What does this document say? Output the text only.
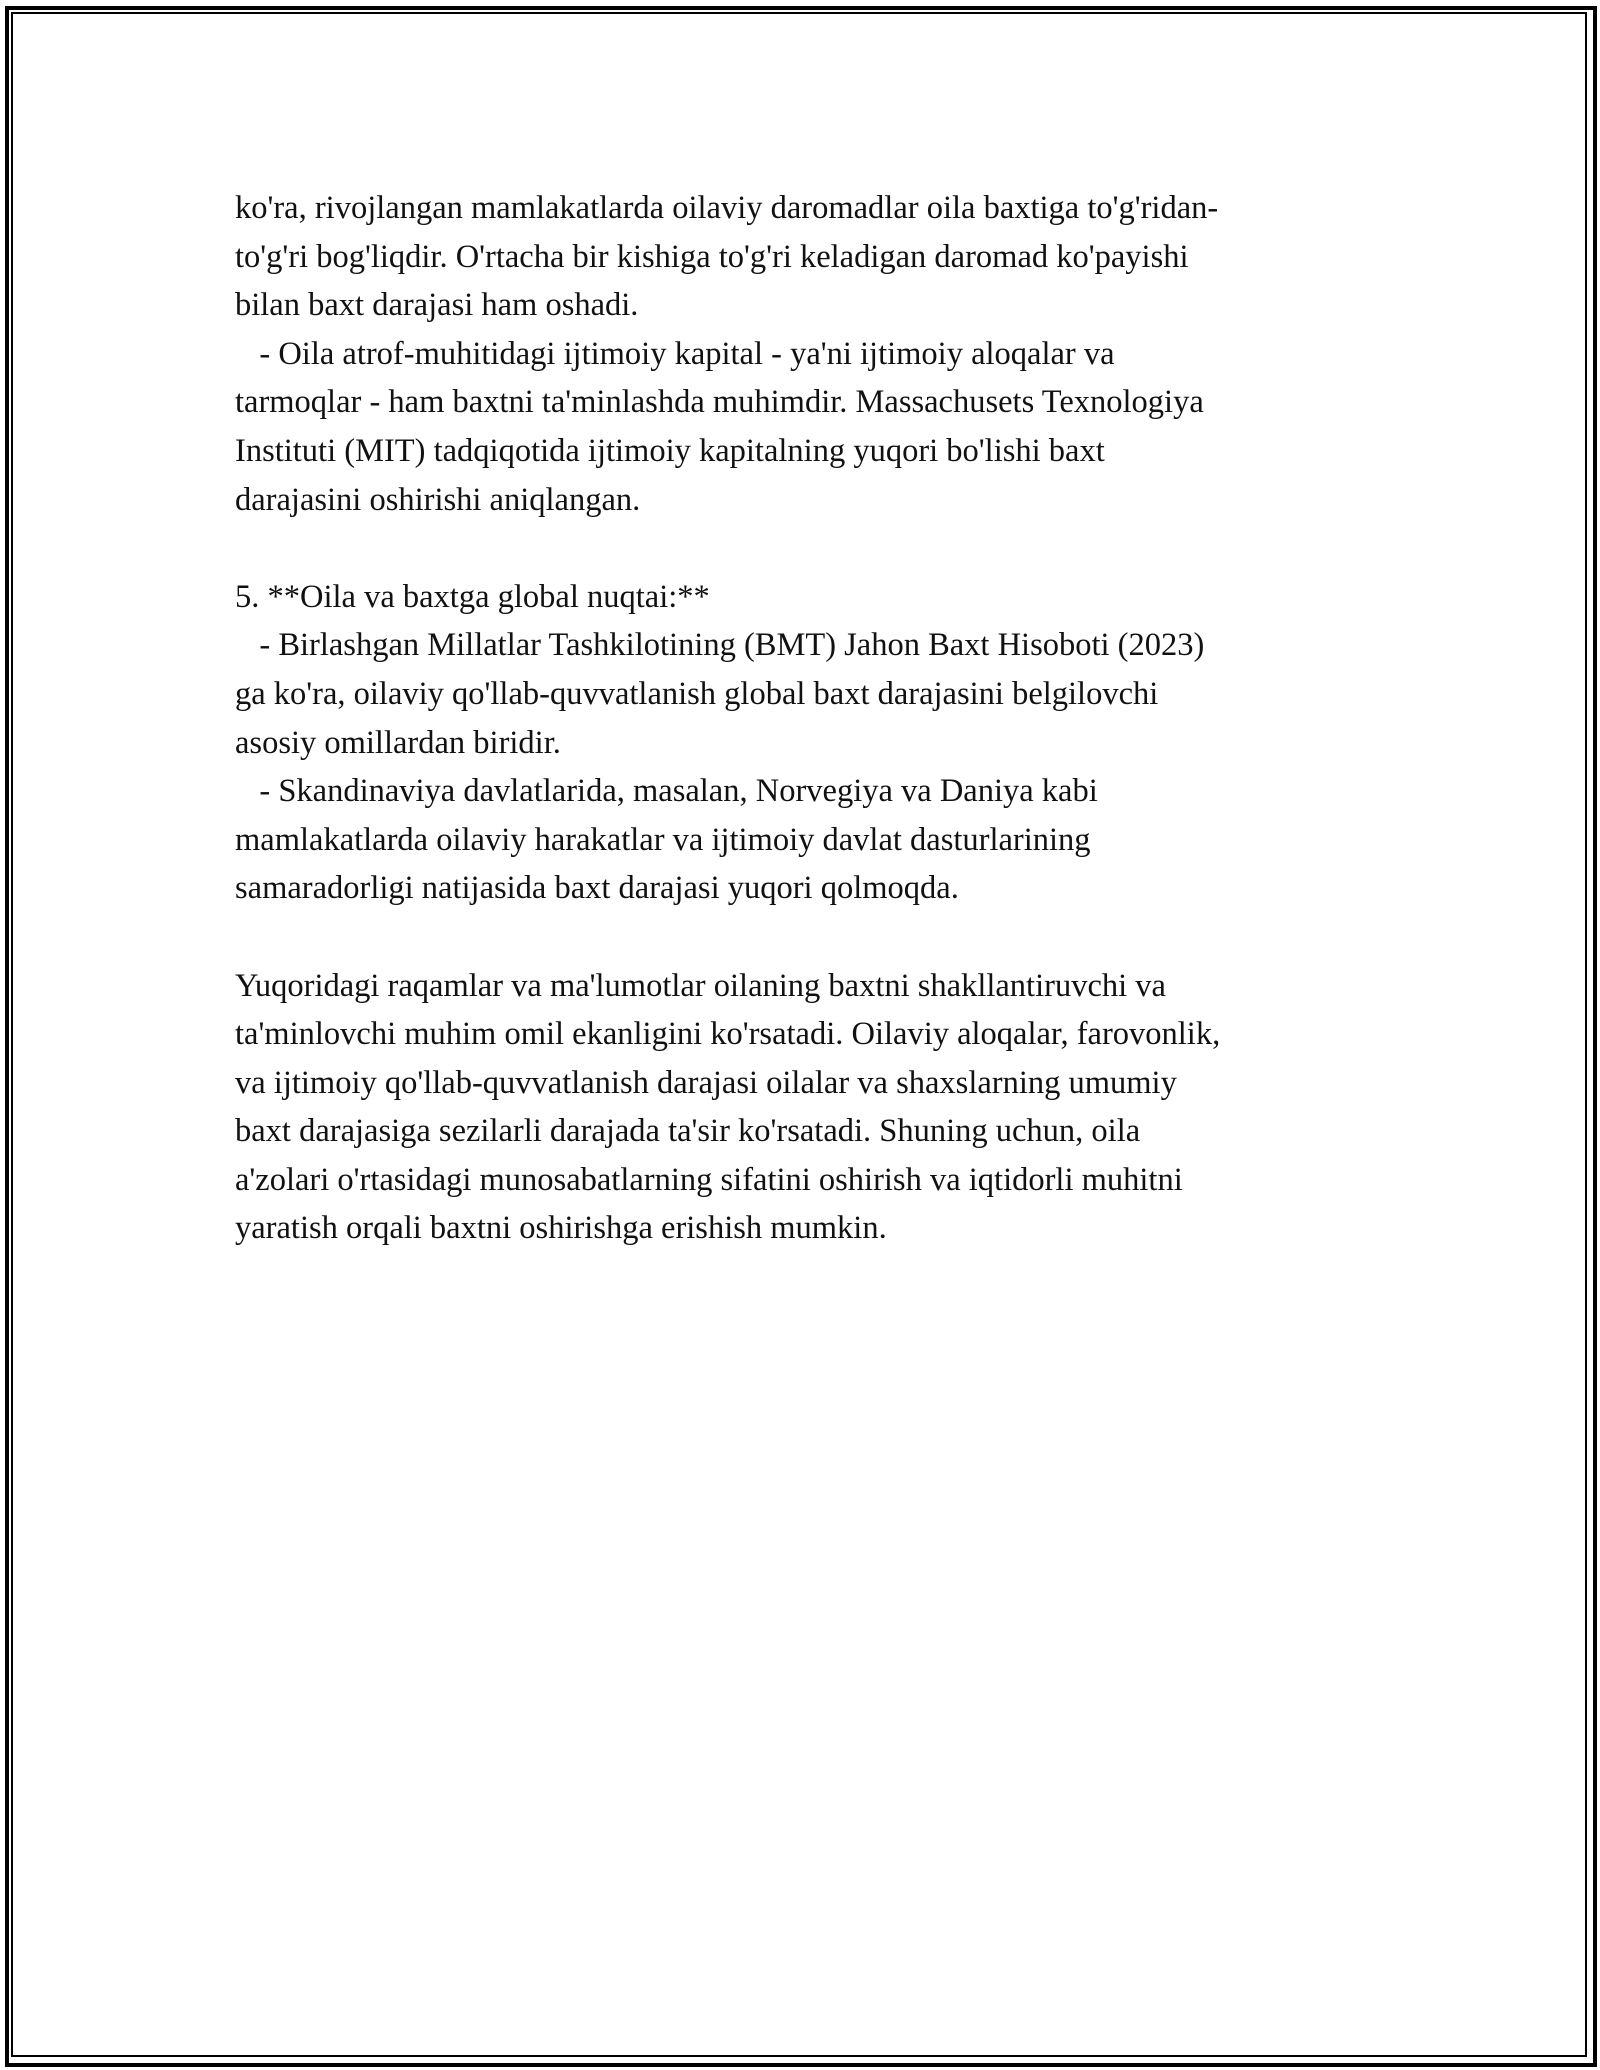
ko'ra, rivojlangan mamlakatlarda oilaviy daromadlar oila baxtiga to'g'ridan-
to'g'ri bog'liqdir. O'rtacha bir kishiga to'g'ri keladigan daromad ko'payishi
bilan baxt darajasi ham oshadi.
- Oila atrof-muhitidagi ijtimoiy kapital - ya'ni ijtimoiy aloqalar va
tarmoqlar - ham baxtni ta'minlashda muhimdir. Massachusets Texnologiya
Instituti (MIT) tadqiqotida ijtimoiy kapitalning yuqori bo'lishi baxt
darajasini oshirishi aniqlangan.
5. **Oila va baxtga global nuqtai:**
- Birlashgan Millatlar Tashkilotining (BMT) Jahon Baxt Hisoboti (2023)
ga ko'ra, oilaviy qo'llab-quvvatlanish global baxt darajasini belgilovchi
asosiy omillardan biridir.
- Skandinaviya davlatlarida, masalan, Norvegiya va Daniya kabi
mamlakatlarda oilaviy harakatlar va ijtimoiy davlat dasturlarining
samaradorligi natijasida baxt darajasi yuqori qolmoqda.
Yuqoridagi raqamlar va ma'lumotlar oilaning baxtni shakllantiruvchi va
ta'minlovchi muhim omil ekanligini ko'rsatadi. Oilaviy aloqalar, farovonlik,
va ijtimoiy qo'llab-quvvatlanish darajasi oilalar va shaxslarning umumiy
baxt darajasiga sezilarli darajada ta'sir ko'rsatadi. Shuning uchun, oila
a'zolari o'rtasidagi munosabatlarning sifatini oshirish va iqtidorli muhitni
yaratish orqali baxtni oshirishga erishish mumkin.
